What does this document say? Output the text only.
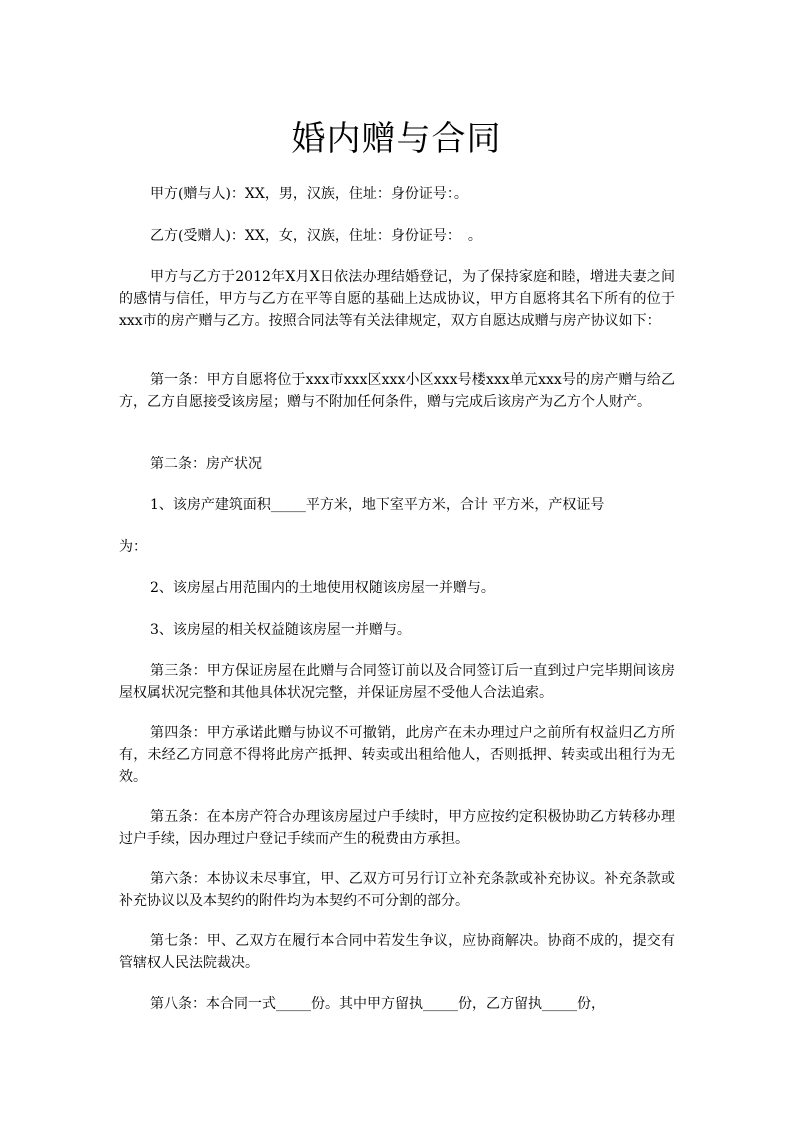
婚内赠与合同

甲方(赠与人)：XX，男，汉族，住址：身份证号：。

乙方(受赠人)：XX，女，汉族，住址：身份证号：　。

甲方与乙方于2012年X月X日依法办理结婚登记，为了保持家庭和睦，增进夫妻之间的感情与信任，甲方与乙方在平等自愿的基础上达成协议，甲方自愿将其名下所有的位于xxx市的房产赠与乙方。按照合同法等有关法律规定，双方自愿达成赠与房产协议如下：

第一条：甲方自愿将位于xxx市xxx区xxx小区xxx号楼xxx单元xxx号的房产赠与给乙方，乙方自愿接受该房屋；赠与不附加任何条件，赠与完成后该房产为乙方个人财产。

第二条：房产状况

1、该房产建筑面积_____平方米，地下室平方米，合计 平方米，产权证号

为：

2、该房屋占用范围内的土地使用权随该房屋一并赠与。

3、该房屋的相关权益随该房屋一并赠与。

第三条：甲方保证房屋在此赠与合同签订前以及合同签订后一直到过户完毕期间该房屋权属状况完整和其他具体状况完整，并保证房屋不受他人合法追索。

第四条：甲方承诺此赠与协议不可撤销，此房产在未办理过户之前所有权益归乙方所有，未经乙方同意不得将此房产抵押、转卖或出租给他人，否则抵押、转卖或出租行为无效。

第五条：在本房产符合办理该房屋过户手续时，甲方应按约定积极协助乙方转移办理过户手续，因办理过户登记手续而产生的税费由方承担。

第六条：本协议未尽事宜，甲、乙双方可另行订立补充条款或补充协议。补充条款或补充协议以及本契约的附件均为本契约不可分割的部分。

第七条：甲、乙双方在履行本合同中若发生争议，应协商解决。协商不成的，提交有管辖权人民法院裁决。

第八条：本合同一式_____份。其中甲方留执_____份，乙方留执_____份，
